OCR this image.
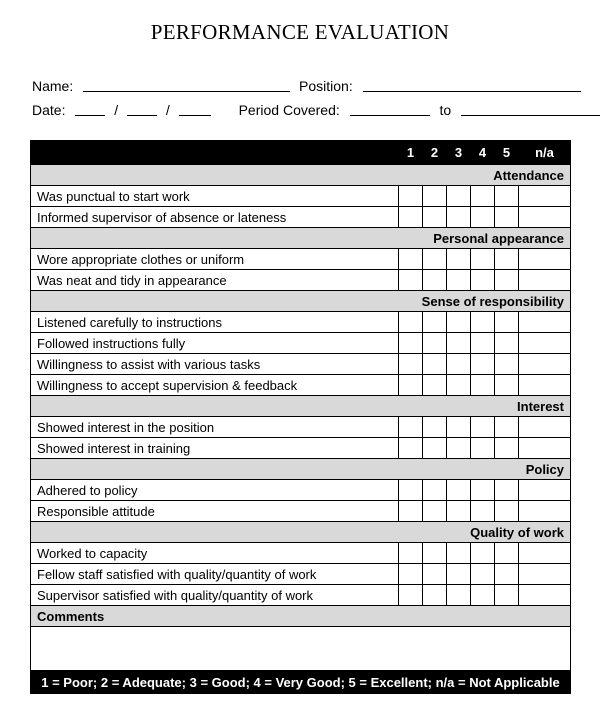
PERFORMANCE EVALUATION
Name:	Position:
Date:	/	/	Period Covered:	to
	1	2	3	4	5	n/a
Attendance						
Was punctual to start work						
Informed supervisor of absence or lateness						
Personal appearance						
Wore appropriate clothes or uniform						
Was neat and tidy in appearance						
Sense of responsibility						
Listened carefully to instructions						
Followed instructions fully						
Willingness to assist with various tasks						
Willingness to accept supervision & feedback						
Interest						
Showed interest in the position						
Showed interest in training						
Policy						
Adhered to policy						
Responsible attitude						
Quality of work						
Worked to capacity						
Fellow staff satisfied with quality/quantity of work						
Supervisor satisfied with quality/quantity of work						
Comments						

1 = Poor; 2 = Adequate; 3 = Good; 4 = Very Good; 5 = Excellent; n/a = Not Applicable						
